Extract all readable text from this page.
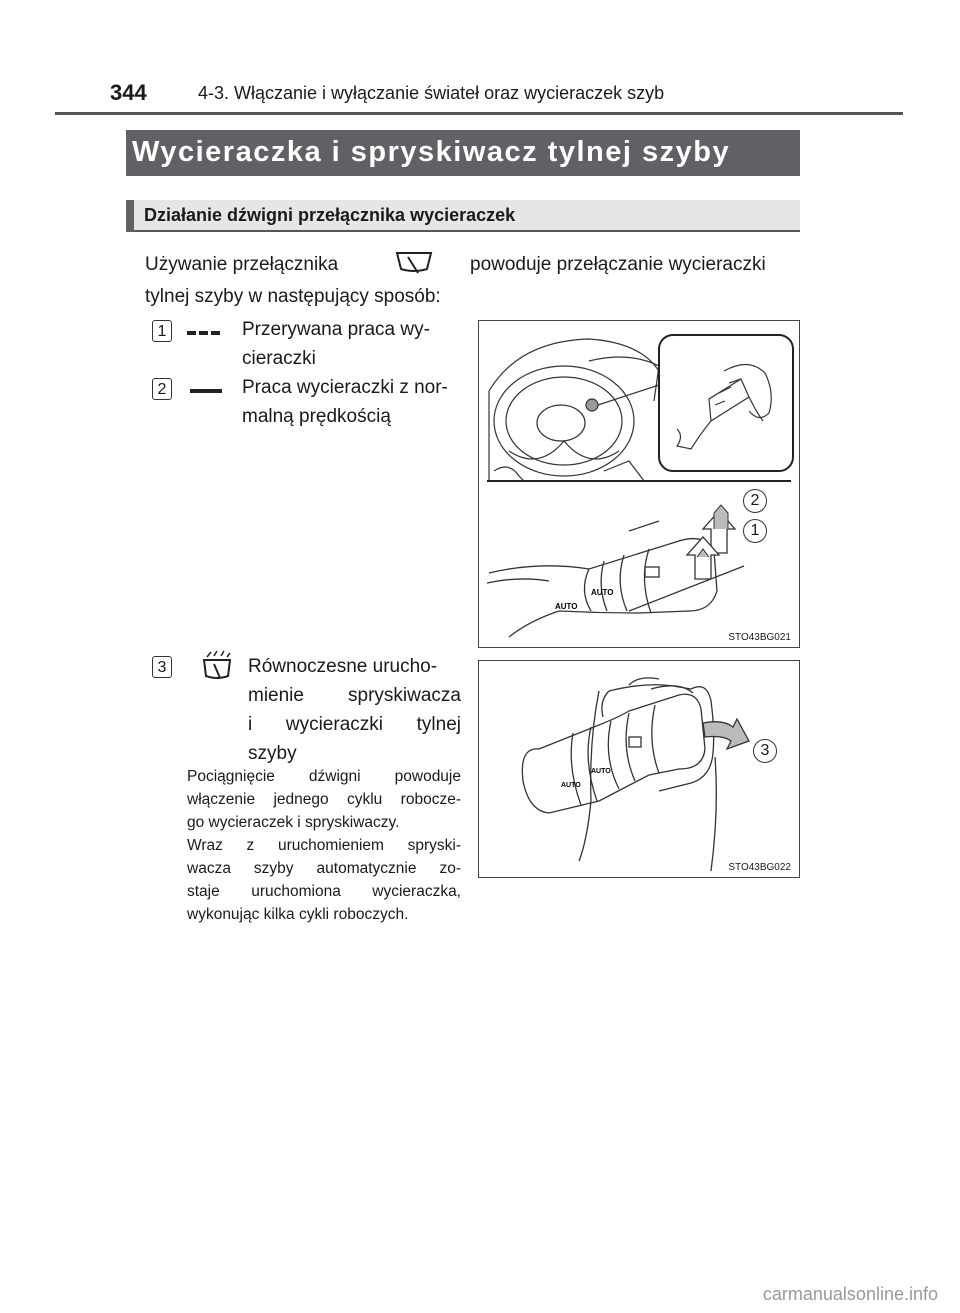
344	4-3. Włączanie i wyłączanie świateł oraz wycieraczek szyb
Wycieraczka i spryskiwacz tylnej szyby
Działanie dźwigni przełącznika wycieraczek
Używanie przełącznika	powoduje przełączanie wycieraczki
tylnej szyby w następujący sposób:
1	Przerywana praca wy-
cieraczki
2	Praca wycieraczki z nor-
malną prędkością
AUTO
AUTO
2
1
STO43BG021
3	Równoczesne urucho-
mienie spryskiwacza
i wycieraczki tylnej
szyby
Pociągnięcie dźwigni powoduje
włączenie jednego cyklu robocze-
go wycieraczek i spryskiwaczy.
Wraz z uruchomieniem spryski-
wacza szyby automatycznie zo-
staje uruchomiona wycieraczka,
wykonując kilka cykli roboczych.
AUTO
AUTO
3
STO43BG022
carmanualsonline.info
